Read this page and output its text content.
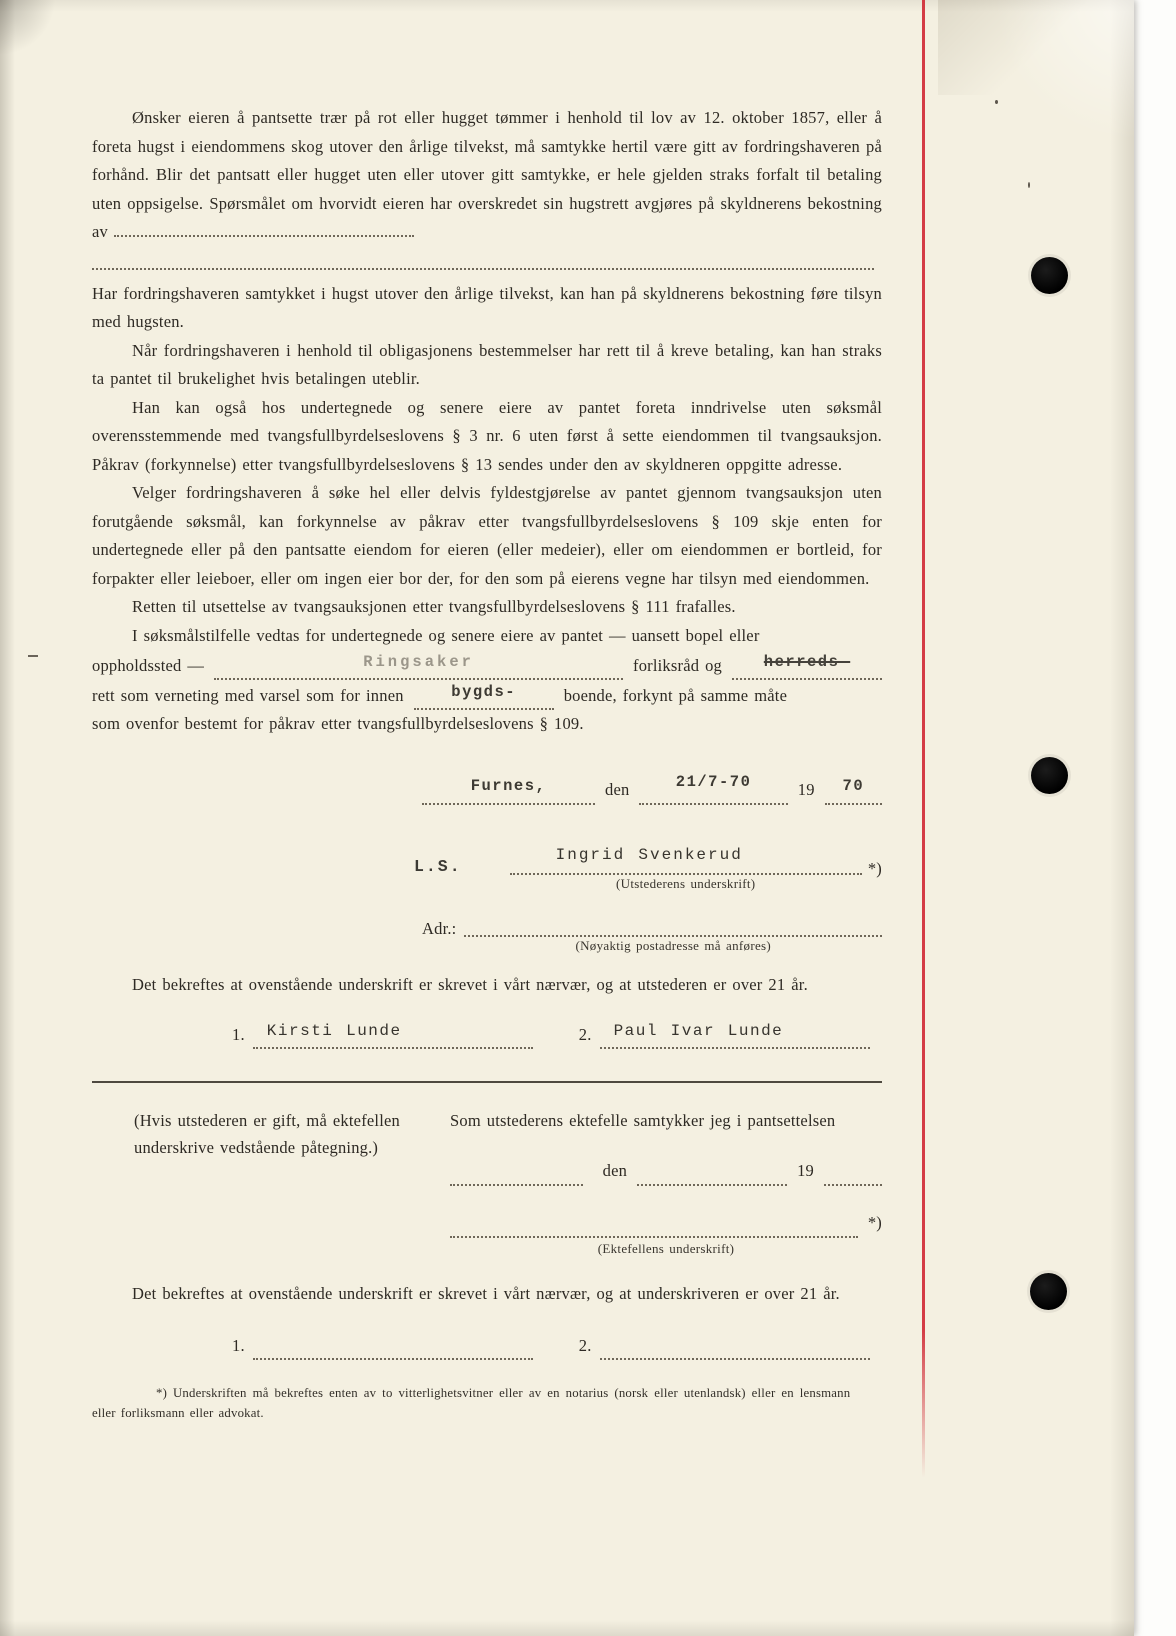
Ønsker eieren å pantsette trær på rot eller hugget tømmer i henhold til lov av 12. oktober 1857, eller å foreta hugst i eiendommens skog utover den årlige tilvekst, må samtykke hertil være gitt av fordringshaveren på forhånd. Blir det pantsatt eller hugget uten eller utover gitt samtykke, er hele gjelden straks forfalt til betaling uten oppsigelse. Spørsmålet om hvorvidt eieren har overskredet sin hugstrett avgjøres på skyldnerens bekostning av

Har fordringshaveren samtykket i hugst utover den årlige tilvekst, kan han på skyldnerens bekostning føre tilsyn med hugsten.

Når fordringshaveren i henhold til obligasjonens bestemmelser har rett til å kreve betaling, kan han straks ta pantet til brukelighet hvis betalingen uteblir.

Han kan også hos undertegnede og senere eiere av pantet foreta inndrivelse uten søksmål overensstemmende med tvangsfullbyrdelseslovens § 3 nr. 6 uten først å sette eiendommen til tvangsauksjon. Påkrav (forkynnelse) etter tvangsfullbyrdelseslovens § 13 sendes under den av skyldneren oppgitte adresse.

Velger fordringshaveren å søke hel eller delvis fyldestgjørelse av pantet gjennom tvangsauksjon uten forutgående søksmål, kan forkynnelse av påkrav etter tvangsfullbyrdelseslovens § 109 skje enten for undertegnede eller på den pantsatte eiendom for eieren (eller medeier), eller om eiendommen er bortleid, for forpakter eller leieboer, eller om ingen eier bor der, for den som på eierens vegne har tilsyn med eiendommen.

Retten til utsettelse av tvangsauksjonen etter tvangsfullbyrdelseslovens § 111 frafalles.

I søksmålstilfelle vedtas for undertegnede og senere eiere av pantet — uansett bopel eller

oppholdssted —	Ringsaker	forliksråd og	herreds-
rett som verneting med varsel som for innen	bygds-	boende, forkynt på samme måte

som ovenfor bestemt for påkrav etter tvangsfullbyrdelseslovens § 109.

Furnes,	den	21/7-70	19	70
L.S.
Ingrid Svenkerud
(Utstederens underskrift)
*)
Adr.:
(Nøyaktig postadresse må anføres)

Det bekreftes at ovenstående underskrift er skrevet i vårt nærvær, og at utstederen er over 21 år.

1. Kirsti Lunde	2. Paul Ivar Lunde
(Hvis utstederen er gift, må ektefellen underskrive vedstående påtegning.)

Som utstederens ektefelle samtykker jeg i pantsettelsen

den	19
*)
(Ektefellens underskrift)

Det bekreftes at ovenstående underskrift er skrevet i vårt nærvær, og at underskriveren er over 21 år.

1.	2.

*) Underskriften må bekreftes enten av to vitterlighetsvitner eller av en notarius (norsk eller utenlandsk) eller en lensmann eller forliksmann eller advokat.
